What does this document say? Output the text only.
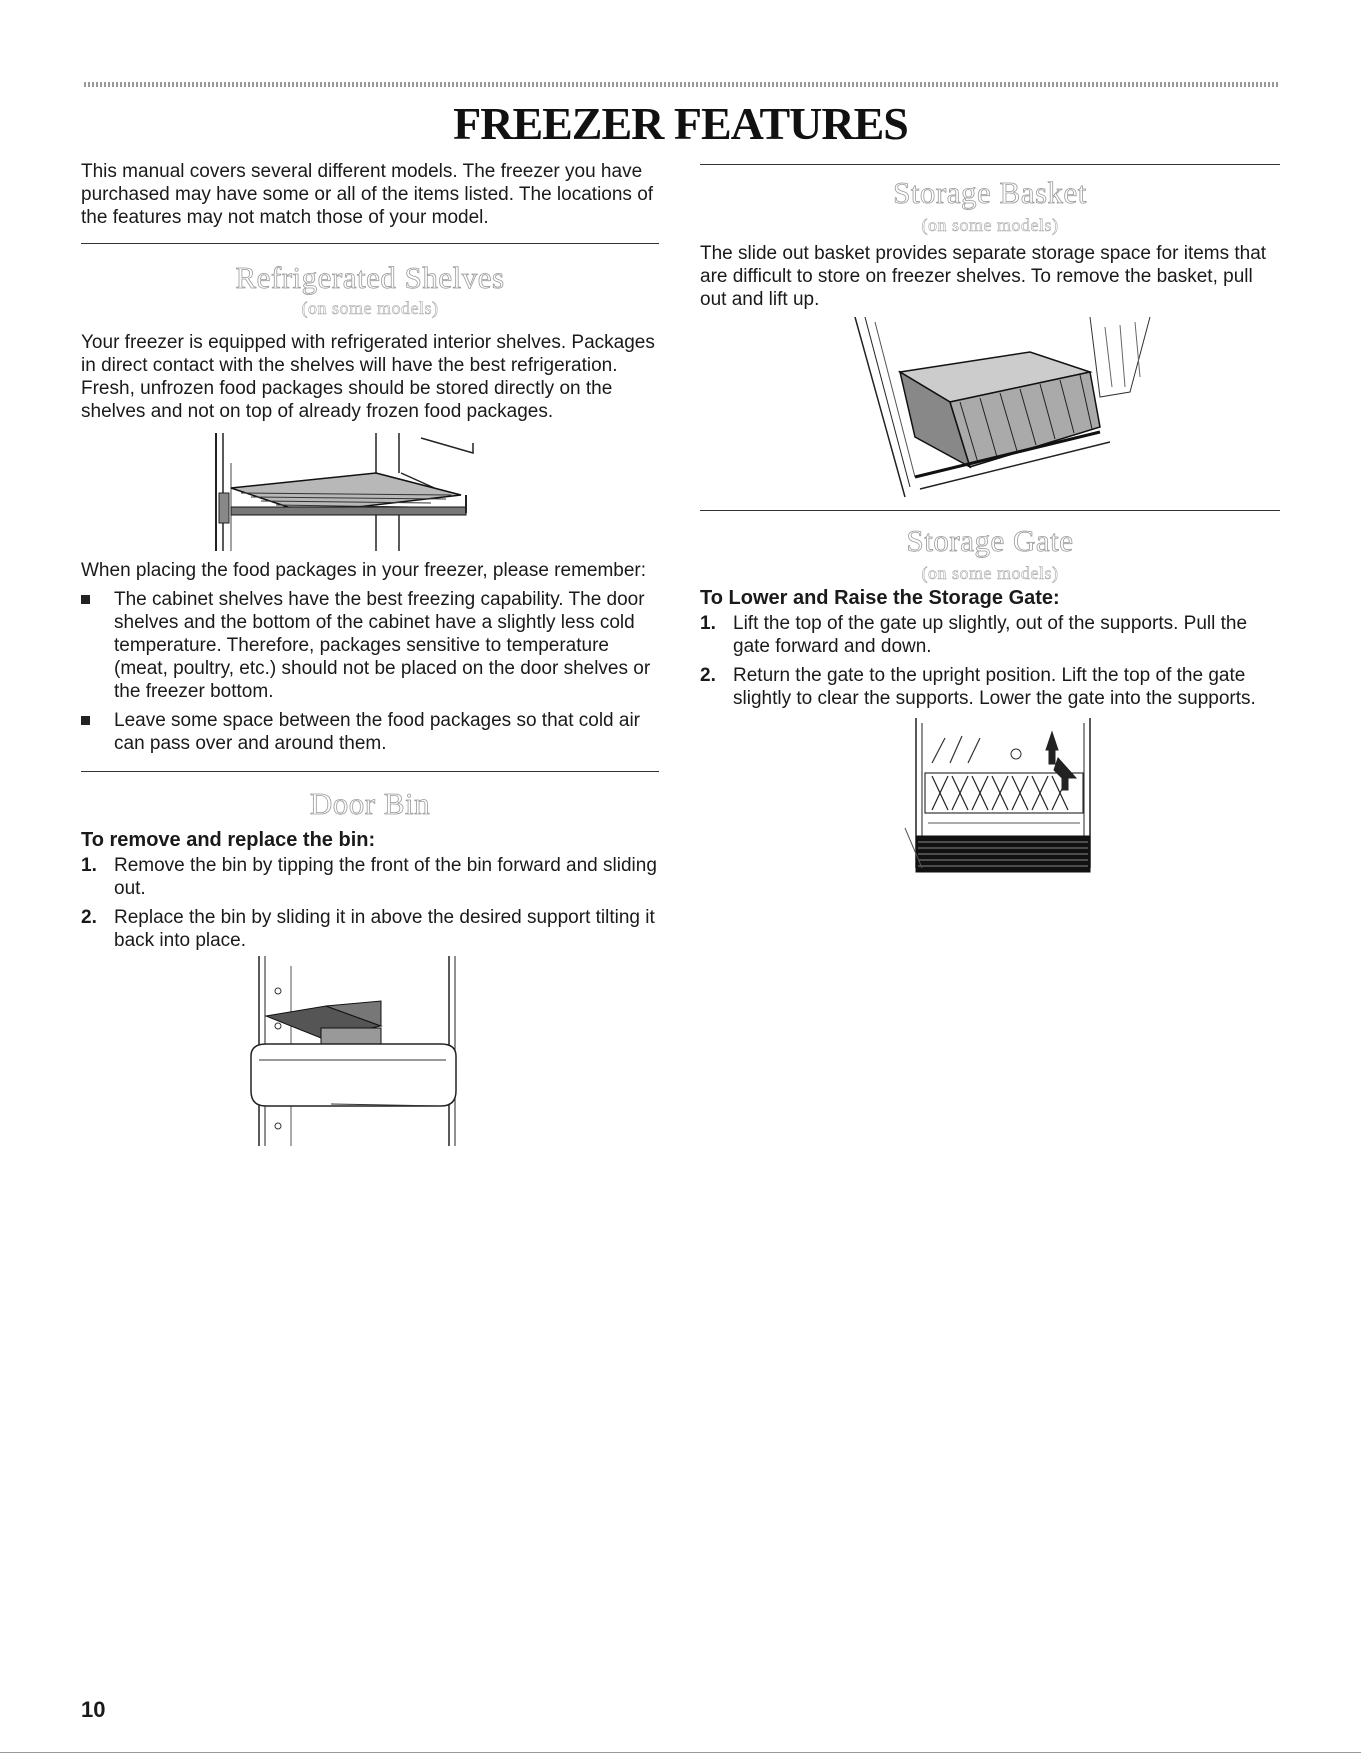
FREEZER FEATURES

This manual covers several different models. The freezer you have purchased may have some or all of the items listed. The locations of the features may not match those of your model.

Refrigerated Shelves
(on some models)

Your freezer is equipped with refrigerated interior shelves. Packages in direct contact with the shelves will have the best refrigeration. Fresh, unfrozen food packages should be stored directly on the shelves and not on top of already frozen food packages.

When placing the food packages in your freezer, please remember:

The cabinet shelves have the best freezing capability. The door shelves and the bottom of the cabinet have a slightly less cold temperature. Therefore, packages sensitive to temperature (meat, poultry, etc.) should not be placed on the door shelves or the freezer bottom.
Leave some space between the food packages so that cold air can pass over and around them.
Door Bin
To remove and replace the bin:
1. Remove the bin by tipping the front of the bin forward and sliding out.
2. Replace the bin by sliding it in above the desired support tilting it back into place.
Storage Basket
(on some models)

The slide out basket provides separate storage space for items that are difficult to store on freezer shelves. To remove the basket, pull out and lift up.

Storage Gate
(on some models)
To Lower and Raise the Storage Gate:
1. Lift the top of the gate up slightly, out of the supports. Pull the gate forward and down.
2. Return the gate to the upright position. Lift the top of the gate slightly to clear the supports. Lower the gate into the supports.
10
